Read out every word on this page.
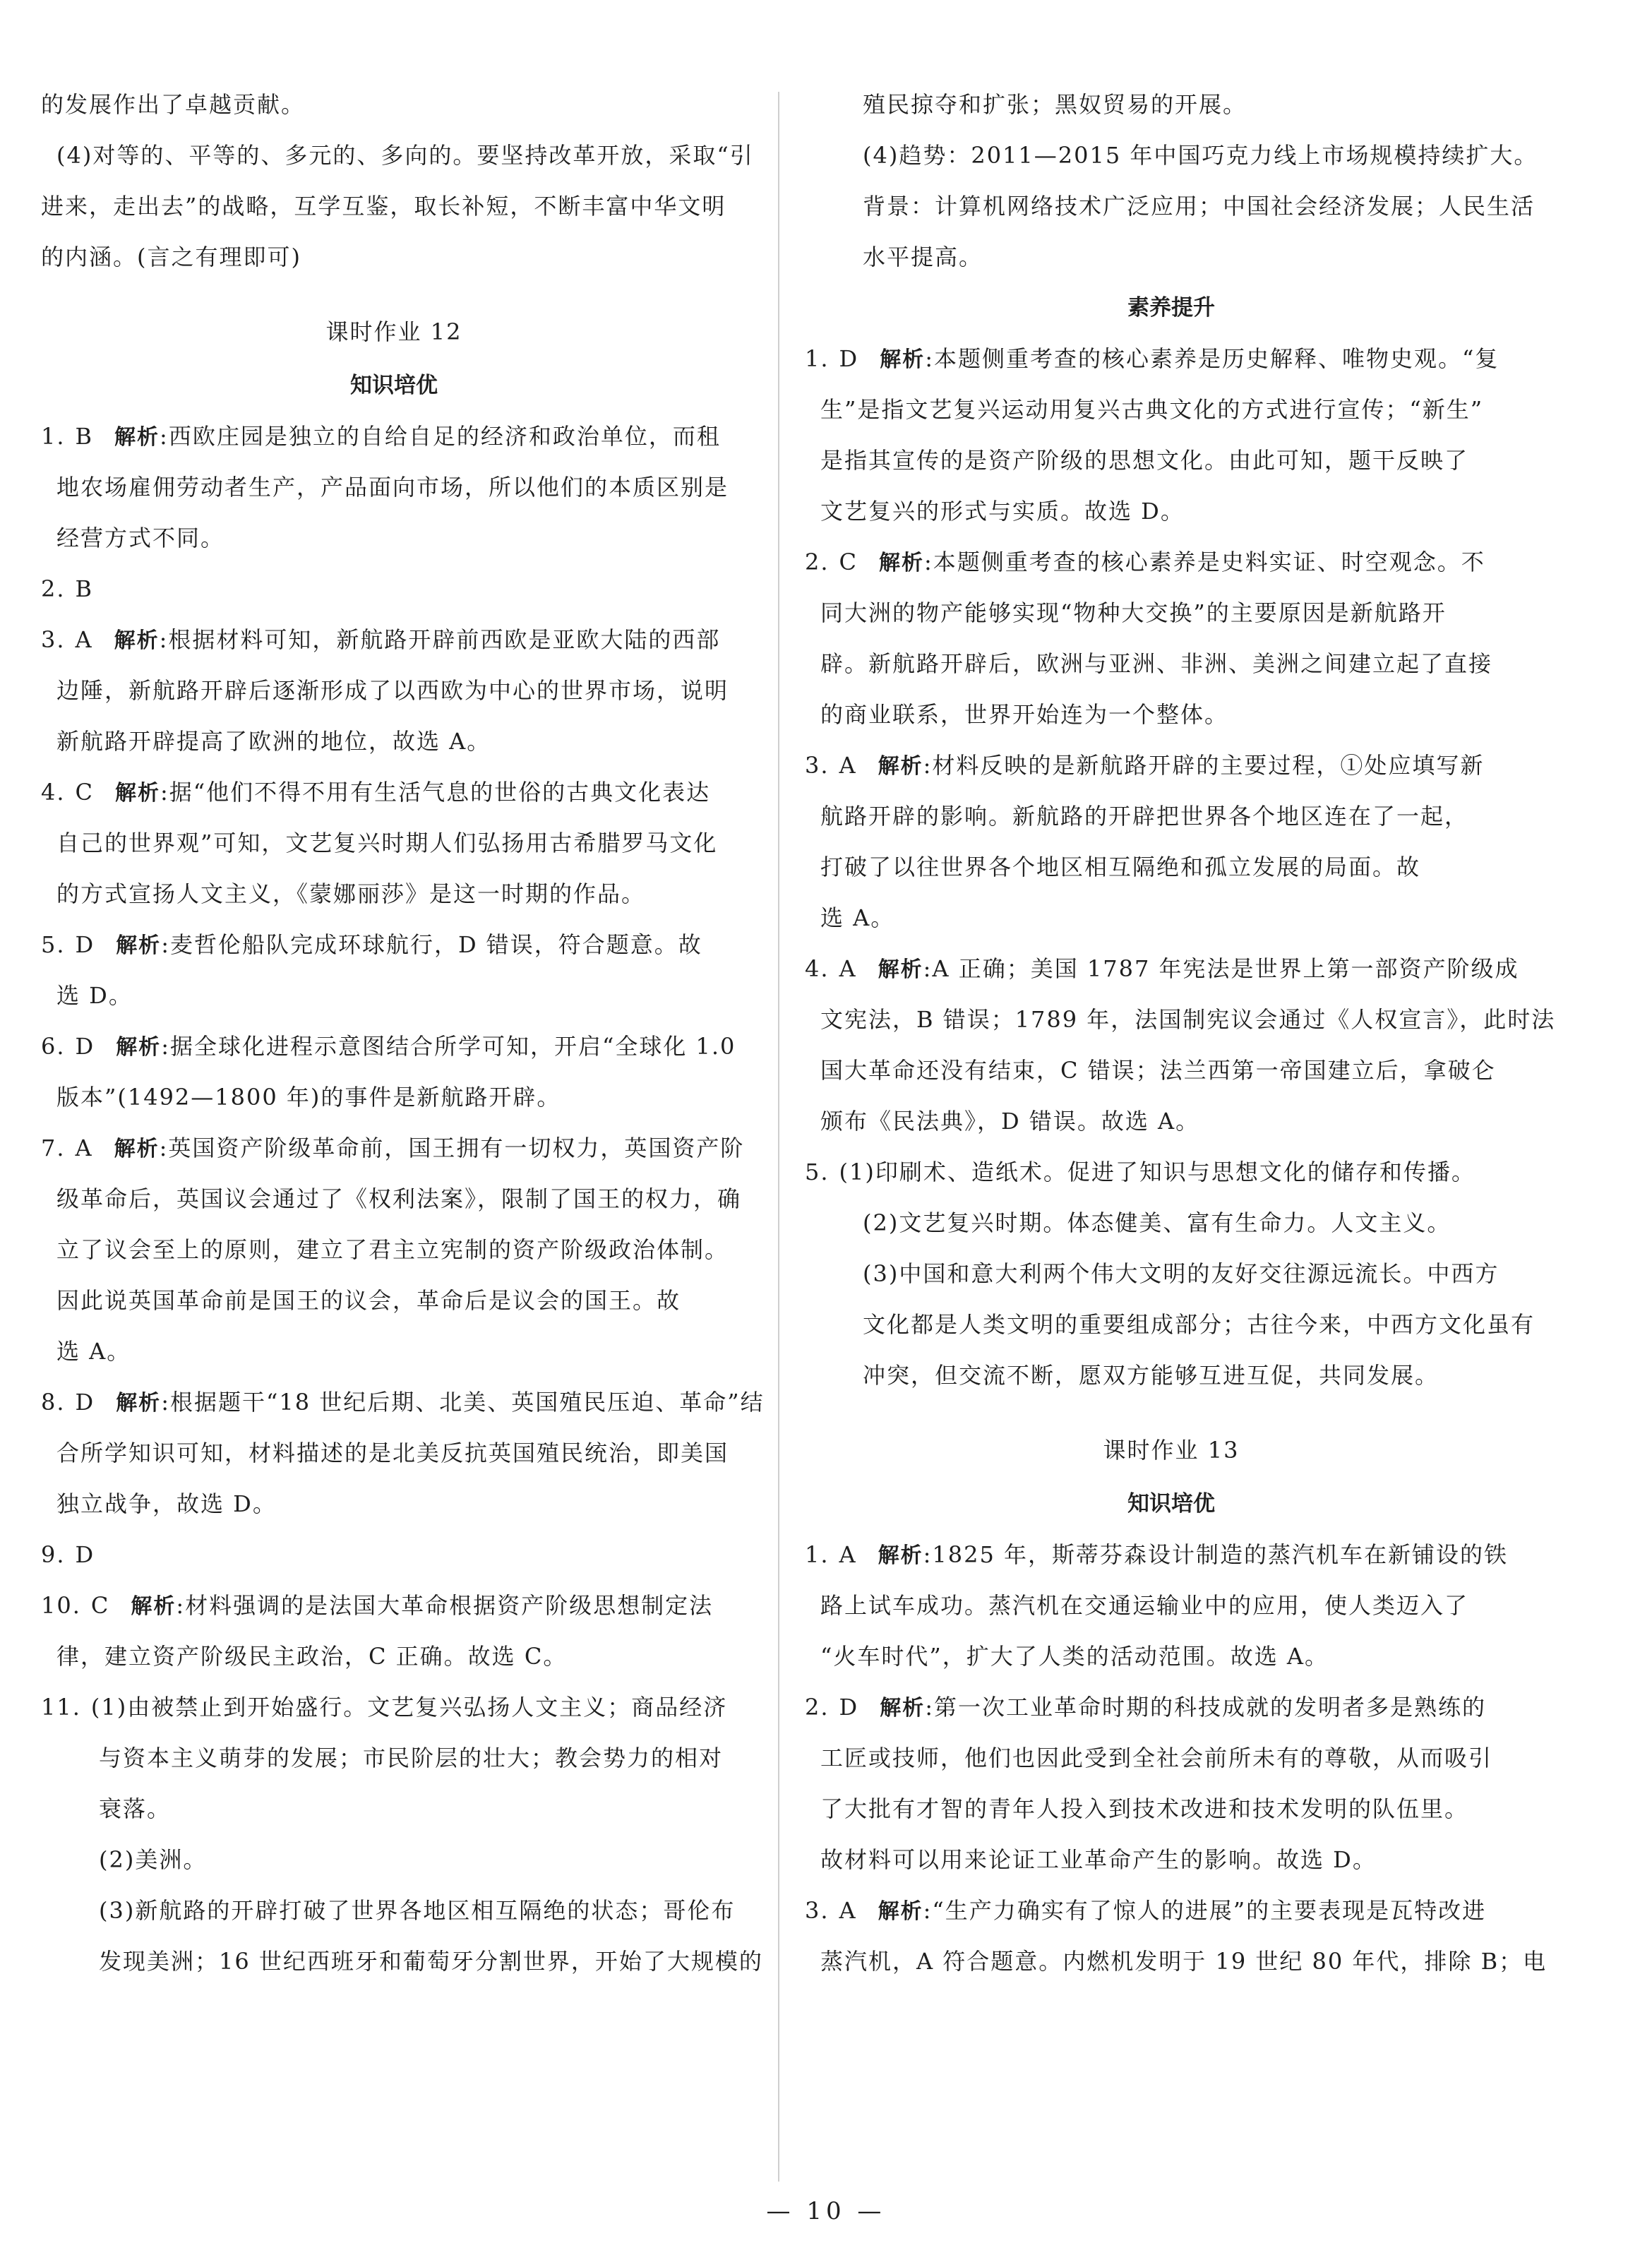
的发展作出了卓越贡献。
(4)对等的、平等的、多元的、多向的。要坚持改革开放，采取“引
进来，走出去”的战略，互学互鉴，取长补短，不断丰富中华文明
的内涵。(言之有理即可)
课时作业 12
知识培优
1. B 解析:西欧庄园是独立的自给自足的经济和政治单位，而租
地农场雇佣劳动者生产，产品面向市场，所以他们的本质区别是
经营方式不同。
2. B
3. A 解析:根据材料可知，新航路开辟前西欧是亚欧大陆的西部
边陲，新航路开辟后逐渐形成了以西欧为中心的世界市场，说明
新航路开辟提高了欧洲的地位，故选 A。
4. C 解析:据“他们不得不用有生活气息的世俗的古典文化表达
自己的世界观”可知，文艺复兴时期人们弘扬用古希腊罗马文化
的方式宣扬人文主义，《蒙娜丽莎》是这一时期的作品。
5. D 解析:麦哲伦船队完成环球航行，D 错误，符合题意。故
选 D。
6. D 解析:据全球化进程示意图结合所学可知，开启“全球化 1.0
版本”(1492—1800 年)的事件是新航路开辟。
7. A 解析:英国资产阶级革命前，国王拥有一切权力，英国资产阶
级革命后，英国议会通过了《权利法案》，限制了国王的权力，确
立了议会至上的原则，建立了君主立宪制的资产阶级政治体制。
因此说英国革命前是国王的议会，革命后是议会的国王。故
选 A。
8. D 解析:根据题干“18 世纪后期、北美、英国殖民压迫、革命”结
合所学知识可知，材料描述的是北美反抗英国殖民统治，即美国
独立战争，故选 D。
9. D
10. C 解析:材料强调的是法国大革命根据资产阶级思想制定法
律，建立资产阶级民主政治，C 正确。故选 C。
11. (1)由被禁止到开始盛行。文艺复兴弘扬人文主义；商品经济
与资本主义萌芽的发展；市民阶层的壮大；教会势力的相对
衰落。
(2)美洲。
(3)新航路的开辟打破了世界各地区相互隔绝的状态；哥伦布
发现美洲；16 世纪西班牙和葡萄牙分割世界，开始了大规模的
殖民掠夺和扩张；黑奴贸易的开展。
(4)趋势：2011—2015 年中国巧克力线上市场规模持续扩大。
背景：计算机网络技术广泛应用；中国社会经济发展；人民生活
水平提高。
素养提升
1. D 解析:本题侧重考查的核心素养是历史解释、唯物史观。“复
生”是指文艺复兴运动用复兴古典文化的方式进行宣传；“新生”
是指其宣传的是资产阶级的思想文化。由此可知，题干反映了
文艺复兴的形式与实质。故选 D。
2. C 解析:本题侧重考查的核心素养是史料实证、时空观念。不
同大洲的物产能够实现“物种大交换”的主要原因是新航路开
辟。新航路开辟后，欧洲与亚洲、非洲、美洲之间建立起了直接
的商业联系，世界开始连为一个整体。
3. A 解析:材料反映的是新航路开辟的主要过程，①处应填写新
航路开辟的影响。新航路的开辟把世界各个地区连在了一起，
打破了以往世界各个地区相互隔绝和孤立发展的局面。故
选 A。
4. A 解析:A 正确；美国 1787 年宪法是世界上第一部资产阶级成
文宪法，B 错误；1789 年，法国制宪议会通过《人权宣言》，此时法
国大革命还没有结束，C 错误；法兰西第一帝国建立后，拿破仑
颁布《民法典》，D 错误。故选 A。
5. (1)印刷术、造纸术。促进了知识与思想文化的储存和传播。
(2)文艺复兴时期。体态健美、富有生命力。人文主义。
(3)中国和意大利两个伟大文明的友好交往源远流长。中西方
文化都是人类文明的重要组成部分；古往今来，中西方文化虽有
冲突，但交流不断，愿双方能够互进互促，共同发展。
课时作业 13
知识培优
1. A 解析:1825 年，斯蒂芬森设计制造的蒸汽机车在新铺设的铁
路上试车成功。蒸汽机在交通运输业中的应用，使人类迈入了
“火车时代”，扩大了人类的活动范围。故选 A。
2. D 解析:第一次工业革命时期的科技成就的发明者多是熟练的
工匠或技师，他们也因此受到全社会前所未有的尊敬，从而吸引
了大批有才智的青年人投入到技术改进和技术发明的队伍里。
故材料可以用来论证工业革命产生的影响。故选 D。
3. A 解析:“生产力确实有了惊人的进展”的主要表现是瓦特改进
蒸汽机，A 符合题意。内燃机发明于 19 世纪 80 年代，排除 B；电
— 10 —
